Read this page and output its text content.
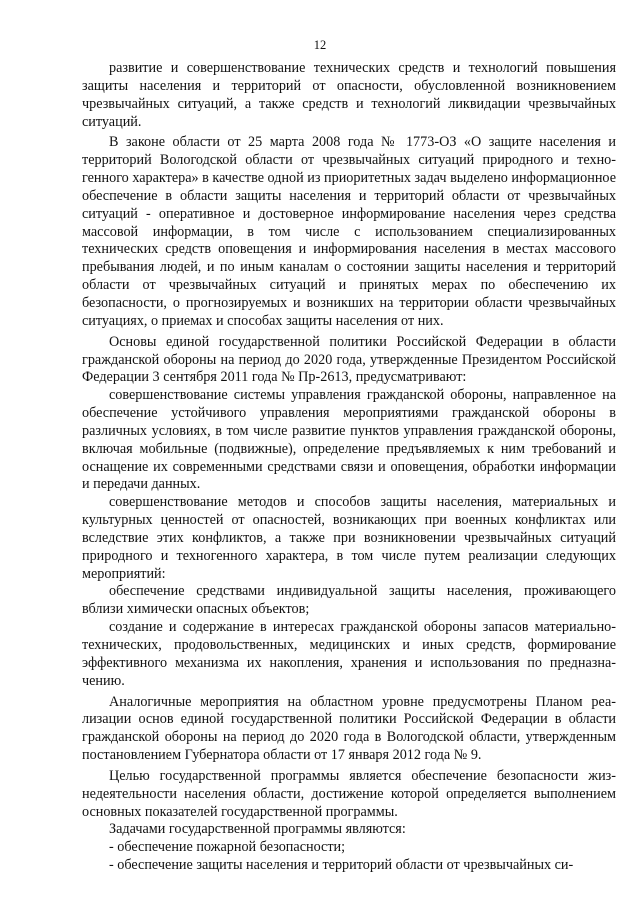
12

развитие и совершенствование технических средств и технологий повышения защиты населения и территорий от опасности, обусловленной возникновением чрезвычайных ситуаций, а также средств и технологий ликвидации чрезвычайных ситуаций.

В законе области от 25 марта 2008 года № 1773-ОЗ «О защите населения и территорий Вологодской области от чрезвычайных ситуаций природного и техногенного характера» в качестве одной из приоритетных задач выделено информационное обеспечение в области защиты населения и территорий области от чрезвычайных ситуаций - оперативное и достоверное информирование населения через средства массовой информации, в том числе с использованием специализированных технических средств оповещения и информирования населения в местах массового пребывания людей, и по иным каналам о состоянии защиты населения и территорий области от чрезвычайных ситуаций и принятых мерах по обеспечению их безопасности, о прогнозируемых и возникших на территории области чрезвычайных ситуациях, о приемах и способах защиты населения от них.

Основы единой государственной политики Российской Федерации в области гражданской обороны на период до 2020 года, утвержденные Президентом Российской Федерации 3 сентября 2011 года № Пр-2613, предусматривают:

совершенствование системы управления гражданской обороны, направленное на обеспечение устойчивого управления мероприятиями гражданской обороны в различных условиях, в том числе развитие пунктов управления гражданской обороны, включая мобильные (подвижные), определение предъявляемых к ним требований и оснащение их современными средствами связи и оповещения, обработки информации и передачи данных.

совершенствование методов и способов защиты населения, материальных и культурных ценностей от опасностей, возникающих при военных конфликтах или вследствие этих конфликтов, а также при возникновении чрезвычайных ситуаций природного и техногенного характера, в том числе путем реализации следующих мероприятий:

обеспечение средствами индивидуальной защиты населения, проживающего вблизи химически опасных объектов;

создание и содержание в интересах гражданской обороны запасов материально-технических, продовольственных, медицинских и иных средств, формирование эффективного механизма их накопления, хранения и использования по предназначению.

Аналогичные мероприятия на областном уровне предусмотрены Планом реализации основ единой государственной политики Российской Федерации в области гражданской обороны на период до 2020 года в Вологодской области, утвержденным постановлением Губернатора области от 17 января 2012 года № 9.

Целью государственной программы является обеспечение безопасности жизнедеятельности населения области, достижение которой определяется выполнением основных показателей государственной программы.

Задачами государственной программы являются:

- обеспечение пожарной безопасности;

- обеспечение защиты населения и территорий области от чрезвычайных си-
